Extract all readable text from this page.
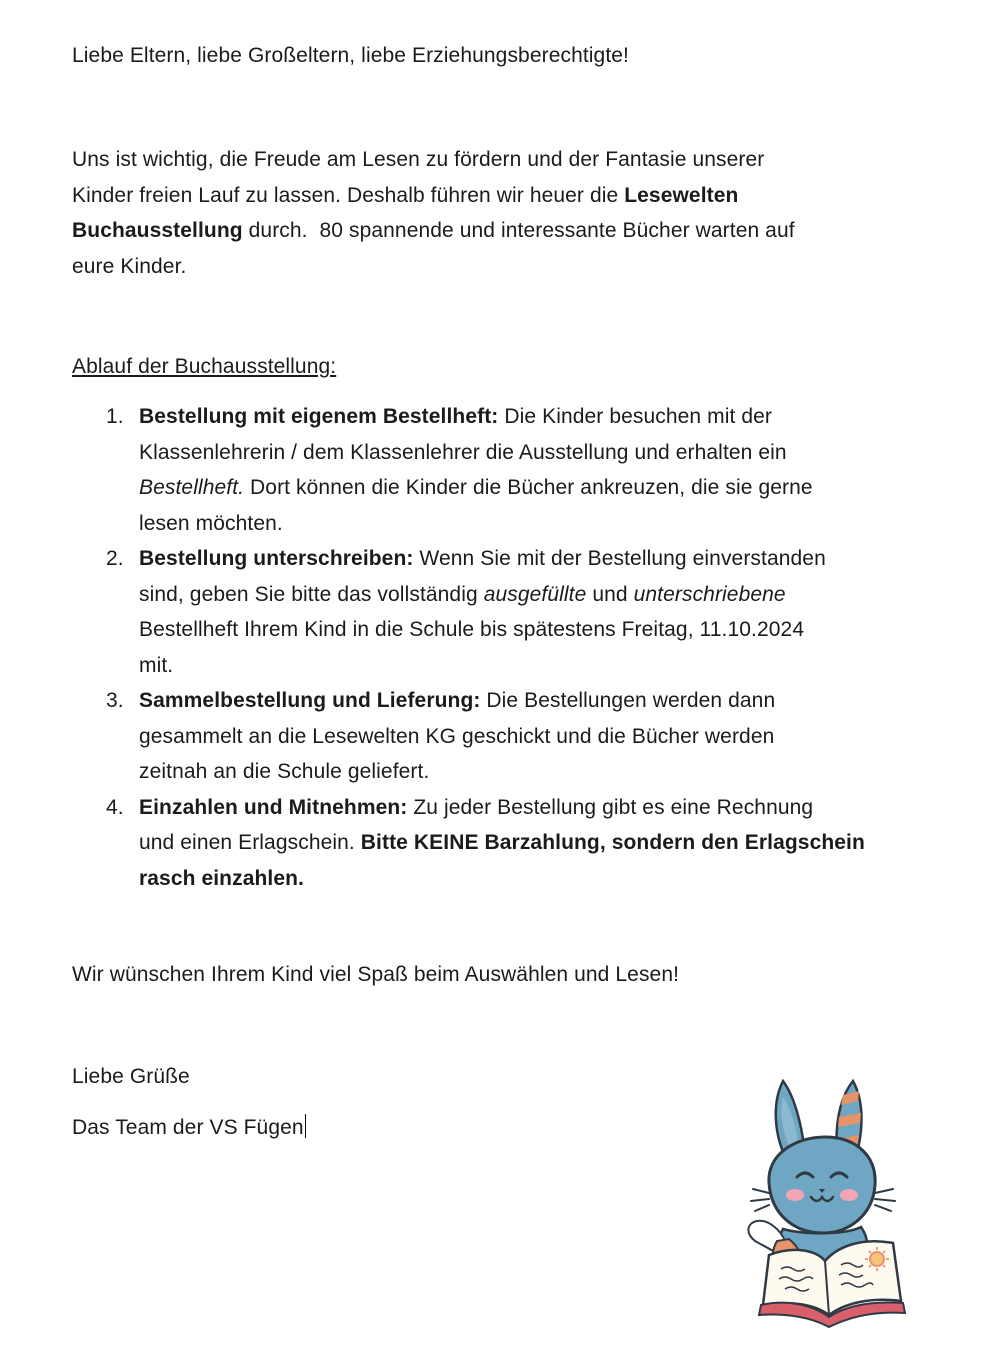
Liebe Eltern, liebe Großeltern, liebe Erziehungsberechtigte!

Uns ist wichtig, die Freude am Lesen zu fördern und der Fantasie unserer
Kinder freien Lauf zu lassen. Deshalb führen wir heuer die Lesewelten
Buchausstellung durch.  80 spannende und interessante Bücher warten auf
eure Kinder.

Ablauf der Buchausstellung:

1. Bestellung mit eigenem Bestellheft: Die Kinder besuchen mit der
Klassenlehrerin / dem Klassenlehrer die Ausstellung und erhalten ein
Bestellheft. Dort können die Kinder die Bücher ankreuzen, die sie gerne
lesen möchten.
2. Bestellung unterschreiben: Wenn Sie mit der Bestellung einverstanden
sind, geben Sie bitte das vollständig ausgefüllte und unterschriebene
Bestellheft Ihrem Kind in die Schule bis spätestens Freitag, 11.10.2024
mit.
3. Sammelbestellung und Lieferung: Die Bestellungen werden dann
gesammelt an die Lesewelten KG geschickt und die Bücher werden
zeitnah an die Schule geliefert.
4. Einzahlen und Mitnehmen: Zu jeder Bestellung gibt es eine Rechnung
und einen Erlagschein. Bitte KEINE Barzahlung, sondern den Erlagschein
rasch einzahlen.

Wir wünschen Ihrem Kind viel Spaß beim Auswählen und Lesen!

Liebe Grüße

Das Team der VS Fügen
